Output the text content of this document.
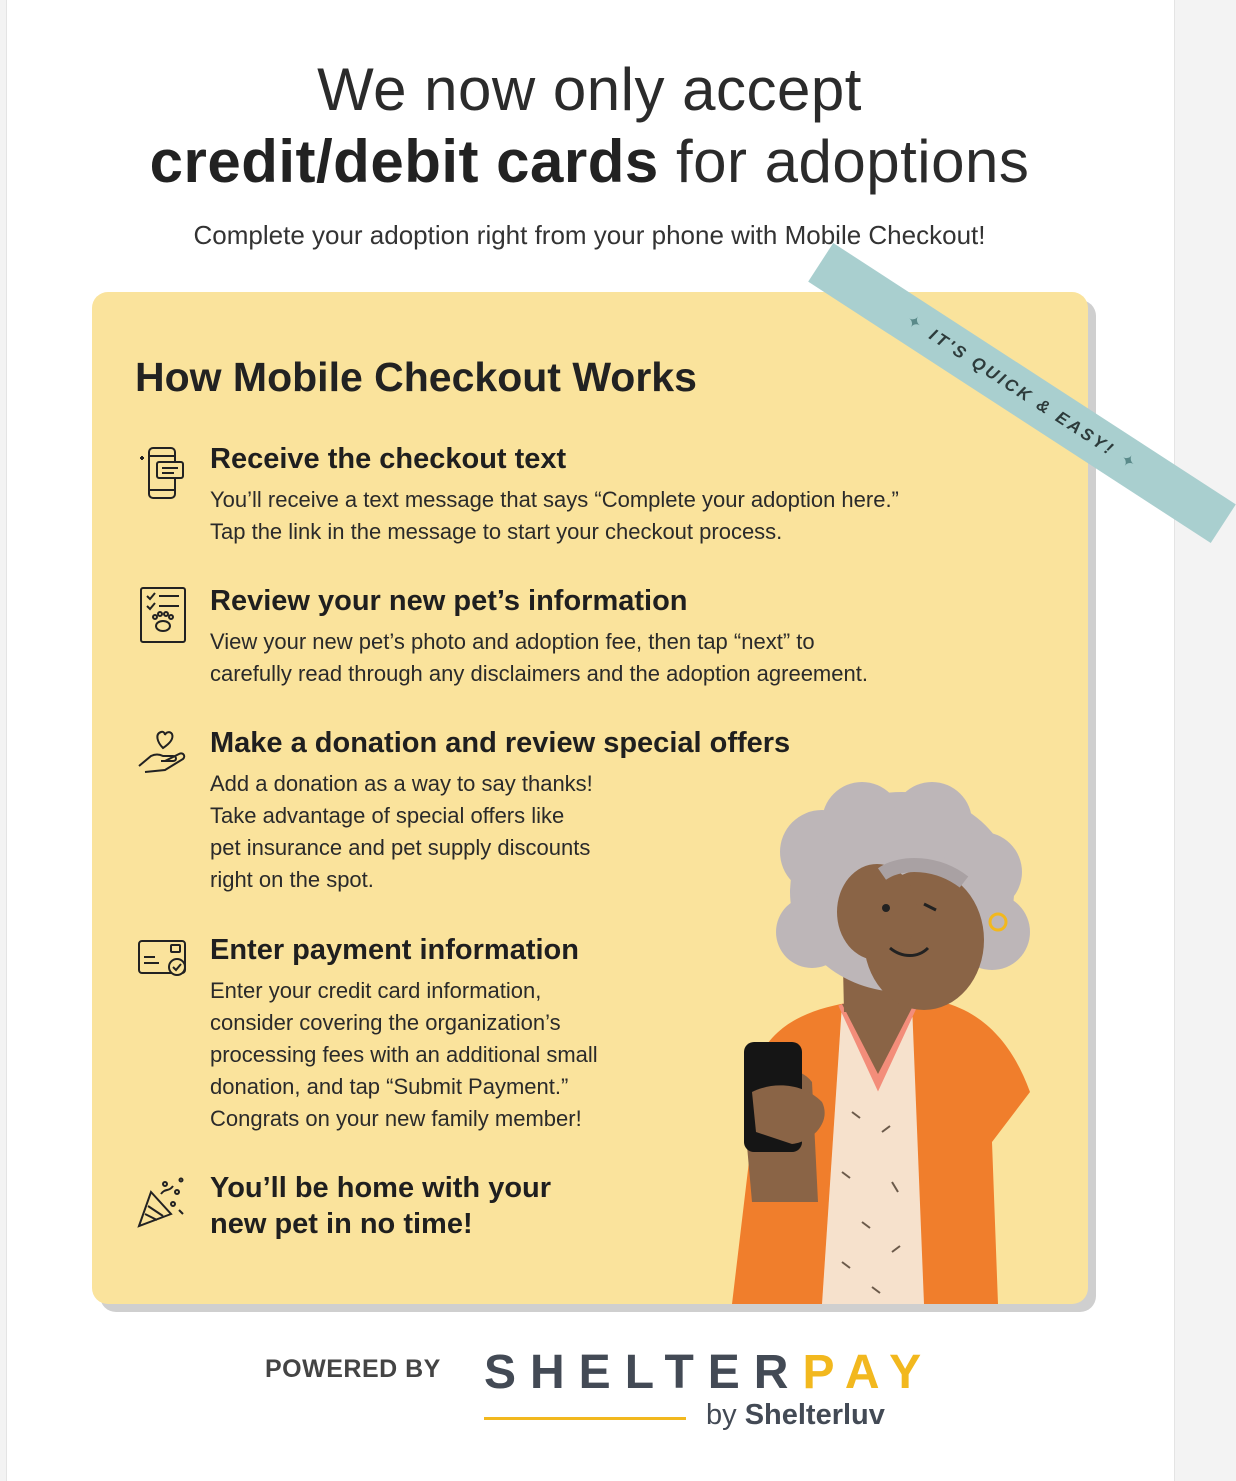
We now only accept
credit/debit cards for adoptions
Complete your adoption right from your phone with Mobile Checkout!
✦
IT'S QUICK & EASY!
✦
How Mobile Checkout Works
Receive the checkout text

You’ll receive a text message that says “Complete your adoption here.”
Tap the link in the message to start your checkout process.

Review your new pet’s information

View your new pet’s photo and adoption fee, then tap “next” to
carefully read through any disclaimers and the adoption agreement.

Make a donation and review special offers

Add a donation as a way to say thanks!
Take advantage of special offers like
pet insurance and pet supply discounts
right on the spot.

Enter payment information

Enter your credit card information,
consider covering the organization’s
processing fees with an additional small
donation, and tap “Submit Payment.”
Congrats on your new family member!

You’ll be home with your
new pet in no time!
POWERED BY SHELTERPAY
by Shelterluv
